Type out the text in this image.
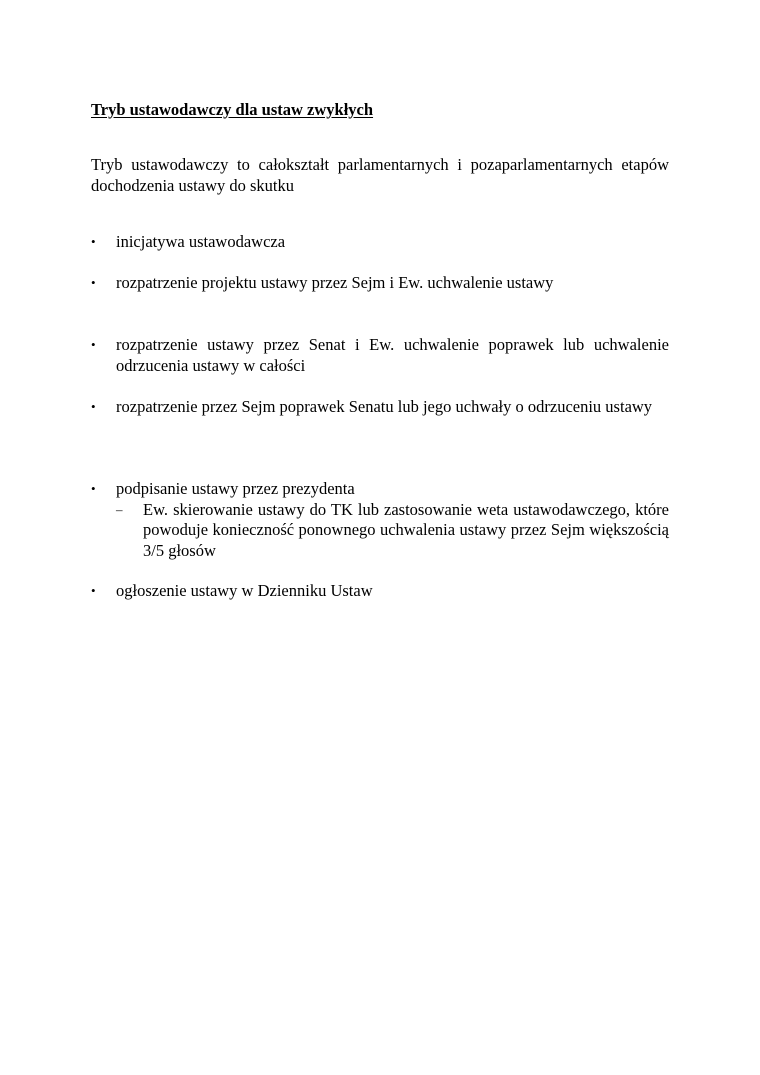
Tryb ustawodawczy dla ustaw zwykłych

Tryb ustawodawczy to całokształt parlamentarnych i pozaparlamentarnych etapów dochodzenia ustawy do skutku

•	inicjatywa ustawodawcza
•	rozpatrzenie projektu ustawy przez Sejm i Ew. uchwalenie ustawy
•	rozpatrzenie ustawy przez Senat i Ew. uchwalenie poprawek lub uchwalenie odrzucenia ustawy w całości
•	rozpatrzenie przez Sejm poprawek Senatu lub jego uchwały o odrzuceniu ustawy
•	podpisanie ustawy przez prezydenta
–	Ew. skierowanie ustawy do TK lub zastosowanie weta ustawodawczego, które powoduje konieczność ponownego uchwalenia ustawy przez Sejm większością 3/5 głosów
•	ogłoszenie ustawy w Dzienniku Ustaw
